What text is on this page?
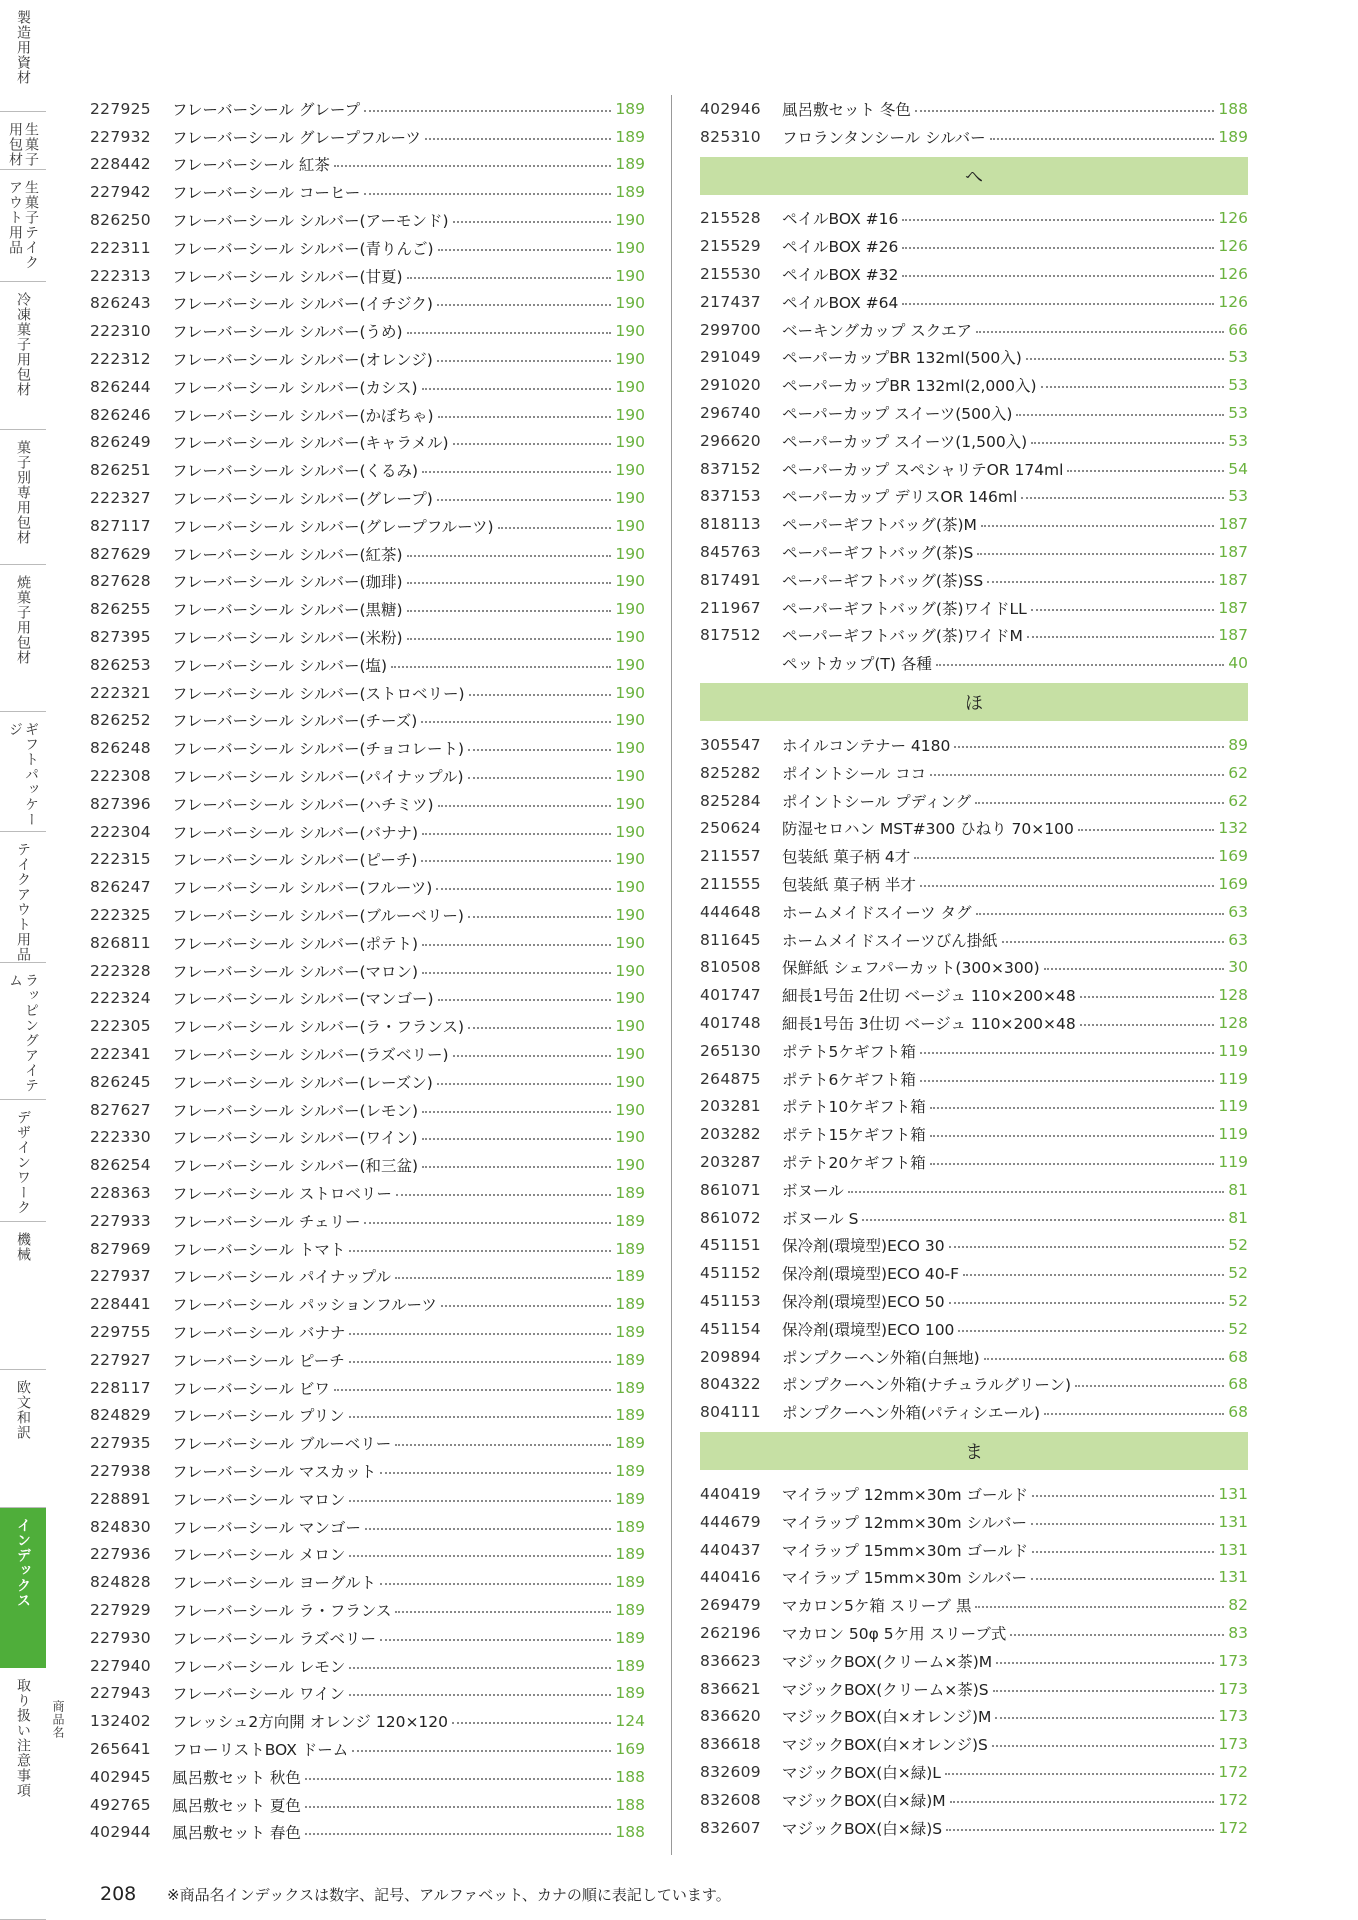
製造用資材
生菓子用包材
生菓子テイクアウト用品
冷凍菓子用包材
菓子別専用包材
焼菓子用包材
ギフトパッケージ
テイクアウト用品
ラッピングアイテム
デザインワーク
機械
欧文和訳
インデックス
取り扱い注意事項 商品名
227925	フレーバーシール グレープ	189
227932	フレーバーシール グレープフルーツ	189
228442	フレーバーシール 紅茶	189
227942	フレーバーシール コーヒー	189
826250	フレーバーシール シルバー(アーモンド)	190
222311	フレーバーシール シルバー(青りんご)	190
222313	フレーバーシール シルバー(甘夏)	190
826243	フレーバーシール シルバー(イチジク)	190
222310	フレーバーシール シルバー(うめ)	190
222312	フレーバーシール シルバー(オレンジ)	190
826244	フレーバーシール シルバー(カシス)	190
826246	フレーバーシール シルバー(かぼちゃ)	190
826249	フレーバーシール シルバー(キャラメル)	190
826251	フレーバーシール シルバー(くるみ)	190
222327	フレーバーシール シルバー(グレープ)	190
827117	フレーバーシール シルバー(グレープフルーツ)	190
827629	フレーバーシール シルバー(紅茶)	190
827628	フレーバーシール シルバー(珈琲)	190
826255	フレーバーシール シルバー(黒糖)	190
827395	フレーバーシール シルバー(米粉)	190
826253	フレーバーシール シルバー(塩)	190
222321	フレーバーシール シルバー(ストロベリー)	190
826252	フレーバーシール シルバー(チーズ)	190
826248	フレーバーシール シルバー(チョコレート)	190
222308	フレーバーシール シルバー(パイナップル)	190
827396	フレーバーシール シルバー(ハチミツ)	190
222304	フレーバーシール シルバー(バナナ)	190
222315	フレーバーシール シルバー(ピーチ)	190
826247	フレーバーシール シルバー(フルーツ)	190
222325	フレーバーシール シルバー(ブルーベリー)	190
826811	フレーバーシール シルバー(ポテト)	190
222328	フレーバーシール シルバー(マロン)	190
222324	フレーバーシール シルバー(マンゴー)	190
222305	フレーバーシール シルバー(ラ・フランス)	190
222341	フレーバーシール シルバー(ラズベリー)	190
826245	フレーバーシール シルバー(レーズン)	190
827627	フレーバーシール シルバー(レモン)	190
222330	フレーバーシール シルバー(ワイン)	190
826254	フレーバーシール シルバー(和三盆)	190
228363	フレーバーシール ストロベリー	189
227933	フレーバーシール チェリー	189
827969	フレーバーシール トマト	189
227937	フレーバーシール パイナップル	189
228441	フレーバーシール パッションフルーツ	189
229755	フレーバーシール バナナ	189
227927	フレーバーシール ピーチ	189
228117	フレーバーシール ビワ	189
824829	フレーバーシール プリン	189
227935	フレーバーシール ブルーベリー	189
227938	フレーバーシール マスカット	189
228891	フレーバーシール マロン	189
824830	フレーバーシール マンゴー	189
227936	フレーバーシール メロン	189
824828	フレーバーシール ヨーグルト	189
227929	フレーバーシール ラ・フランス	189
227930	フレーバーシール ラズベリー	189
227940	フレーバーシール レモン	189
227943	フレーバーシール ワイン	189
132402	フレッシュ2方向開 オレンジ 120×120	124
265641	フローリストBOX ドーム	169
402945	風呂敷セット 秋色	188
492765	風呂敷セット 夏色	188
402944	風呂敷セット 春色	188
402946	風呂敷セット 冬色	188
825310	フロランタンシール シルバー	189
へ
215528	ペイルBOX #16	126
215529	ペイルBOX #26	126
215530	ペイルBOX #32	126
217437	ペイルBOX #64	126
299700	ベーキングカップ スクエア	66
291049	ペーパーカップBR 132ml(500入)	53
291020	ペーパーカップBR 132ml(2,000入)	53
296740	ペーパーカップ スイーツ(500入)	53
296620	ペーパーカップ スイーツ(1,500入)	53
837152	ペーパーカップ スペシャリテOR 174ml	54
837153	ペーパーカップ デリスOR 146ml	53
818113	ペーパーギフトバッグ(茶)M	187
845763	ペーパーギフトバッグ(茶)S	187
817491	ペーパーギフトバッグ(茶)SS	187
211967	ペーパーギフトバッグ(茶)ワイドLL	187
817512	ペーパーギフトバッグ(茶)ワイドM	187
ペットカップ(T) 各種	40
ほ
305547	ホイルコンテナー 4180	89
825282	ポイントシール ココ	62
825284	ポイントシール プディング	62
250624	防湿セロハン MST#300 ひねり 70×100	132
211557	包装紙 菓子柄 4才	169
211555	包装紙 菓子柄 半才	169
444648	ホームメイドスイーツ タグ	63
811645	ホームメイドスイーツびん掛紙	63
810508	保鮮紙 シェフパーカット(300×300)	30
401747	細長1号缶 2仕切 ベージュ 110×200×48	128
401748	細長1号缶 3仕切 ベージュ 110×200×48	128
265130	ポテト5ケギフト箱	119
264875	ポテト6ケギフト箱	119
203281	ポテト10ケギフト箱	119
203282	ポテト15ケギフト箱	119
203287	ポテト20ケギフト箱	119
861071	ボヌール	81
861072	ボヌール S	81
451151	保冷剤(環境型)ECO 30	52
451152	保冷剤(環境型)ECO 40-F	52
451153	保冷剤(環境型)ECO 50	52
451154	保冷剤(環境型)ECO 100	52
209894	ポンプクーヘン外箱(白無地)	68
804322	ポンプクーヘン外箱(ナチュラルグリーン)	68
804111	ポンプクーヘン外箱(パティシエール)	68
ま
440419	マイラップ 12mm×30m ゴールド	131
444679	マイラップ 12mm×30m シルバー	131
440437	マイラップ 15mm×30m ゴールド	131
440416	マイラップ 15mm×30m シルバー	131
269479	マカロン5ケ箱 スリーブ 黒	82
262196	マカロン 50φ 5ケ用 スリーブ式	83
836623	マジックBOX(クリーム×茶)M	173
836621	マジックBOX(クリーム×茶)S	173
836620	マジックBOX(白×オレンジ)M	173
836618	マジックBOX(白×オレンジ)S	173
832609	マジックBOX(白×緑)L	172
832608	マジックBOX(白×緑)M	172
832607	マジックBOX(白×緑)S	172
208 ※商品名インデックスは数字、記号、アルファベット、カナの順に表記しています。
